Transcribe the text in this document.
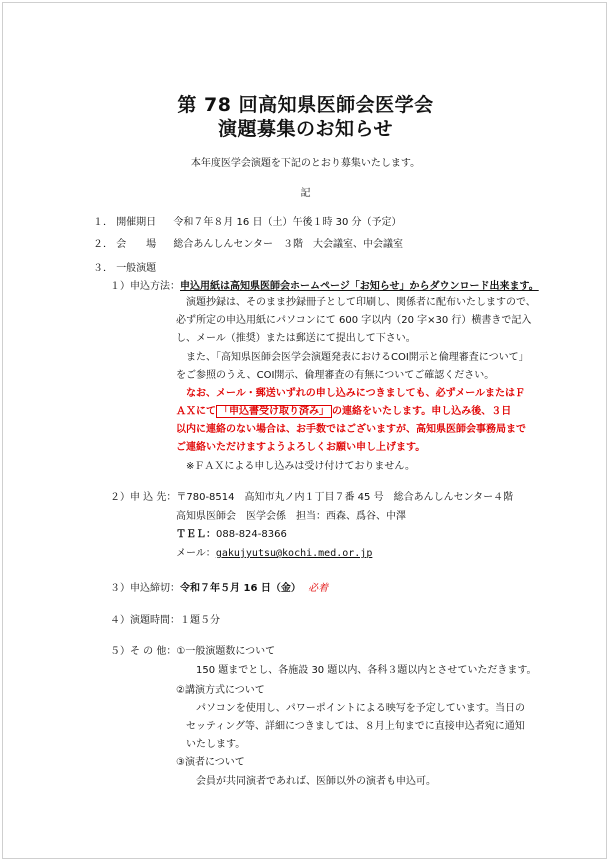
第 78 回高知県医師会医学会
演題募集のお知らせ
本年度医学会演題を下記のとおり募集いたします。
記
１． 開催期日 令和７年８月 16 日（土）午後１時 30 分（予定）
２． 会　　場 総合あんしんセンター　３階　大会議室、中会議室
３． 一般演題
１）申込方法：申込用紙は高知県医師会ホームページ「お知らせ」からダウンロード出来ます。
演題抄録は、そのまま抄録冊子として印刷し、関係者に配布いたしますので、
必ず所定の申込用紙にパソコンにて 600 字以内（20 字×30 行）横書きで記入
し、メール（推奨）または郵送にて提出して下さい。
また、「高知県医師会医学会演題発表におけるCOI開示と倫理審査について」
をご参照のうえ、COI開示、倫理審査の有無についてご確認ください。
なお、メール・郵送いずれの申し込みにつきましても、必ずメールまたはＦ
ＡＸにて 「申込書受け取り済み」 の連絡をいたします。申し込み後、３日
以内に連絡のない場合は、お手数ではございますが、高知県医師会事務局まで
ご連絡いただけますようよろしくお願い申し上げます。
※ＦＡＸによる申し込みは受け付けておりません。
２）申 込 先：〒780-8514　高知市丸ノ内１丁目７番 45 号　総合あんしんセンター４階
高知県医師会　医学会係　担当：西森、爲谷、中澤
ＴＥＬ：088-824-8366
メール：gakujyutsu@kochi.med.or.jp
３）申込締切：令和７年５月 16 日（金） 必着
４）演題時間：１題５分
５）そ の 他：①一般演題数について
150 題までとし、各施設 30 題以内、各科３題以内とさせていただきます。
②講演方式について
パソコンを使用し、パワーポイントによる映写を予定しています。当日の
セッティング等、詳細につきましては、８月上旬までに直接申込者宛に通知
いたします。
③演者について
会員が共同演者であれば、医師以外の演者も申込可。
